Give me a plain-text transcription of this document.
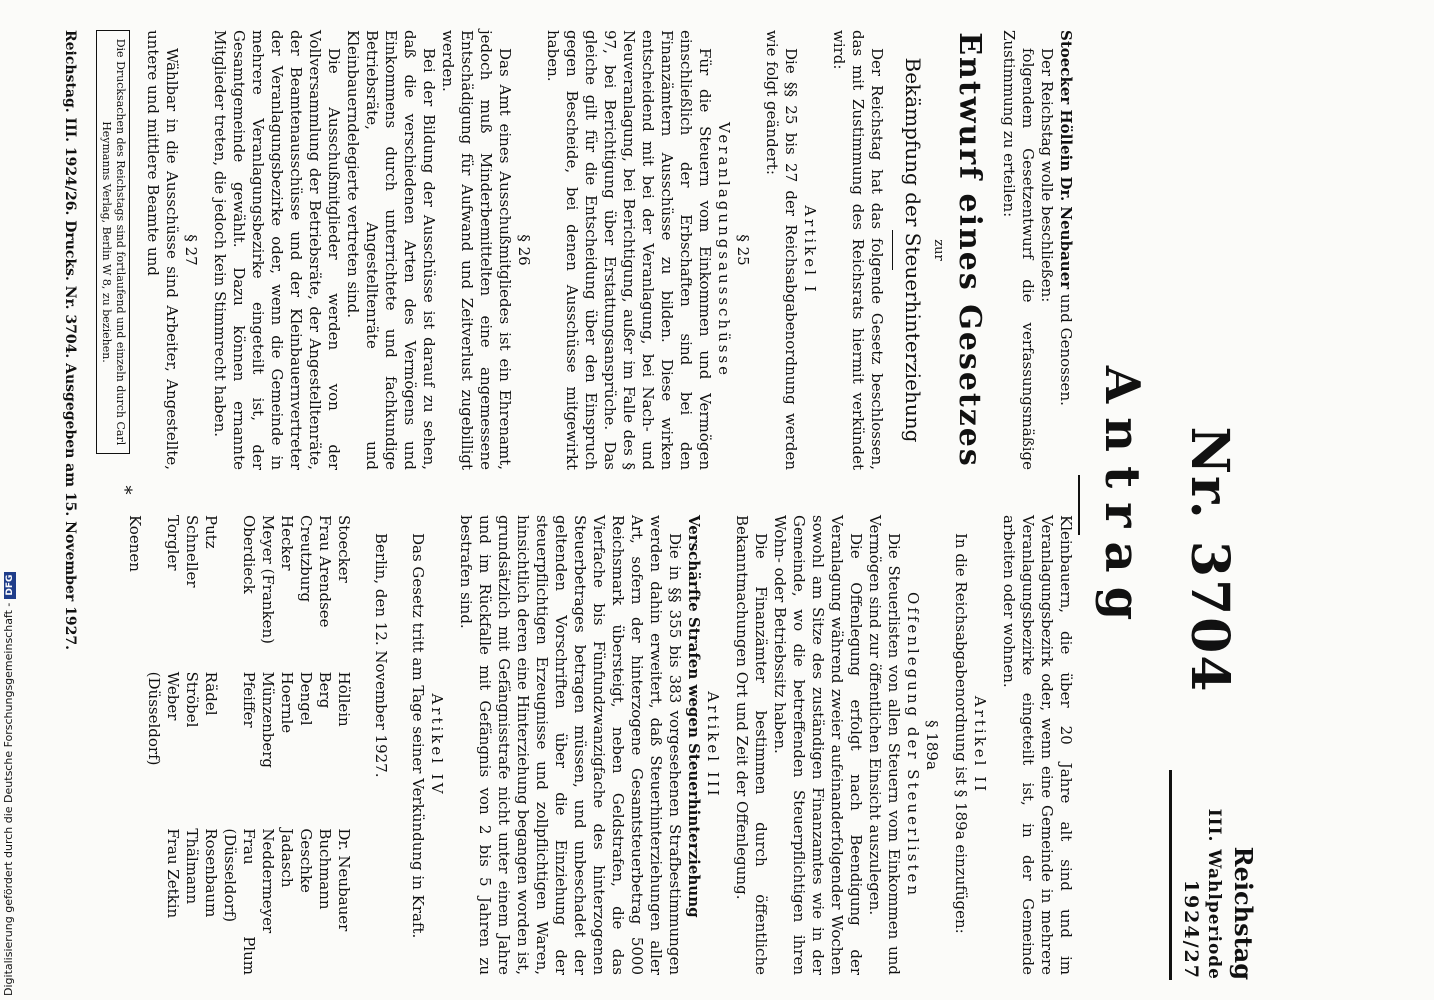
Nr. 3704
Reichstag
III. Wahlperiode
1924/27
Antrag

Stoecker Höllein Dr. Neubauer und Genossen.

Der Reichstag wolle beschließen:

folgendem Gesetzentwurf die verfassungsmäßige Zustimmung zu erteilen:

Entwurf eines Gesetzes
zur
Bekämpfung der Steuerhinterziehung

Der Reichstag hat das folgende Gesetz beschlossen, das mit Zustimmung des Reichsrats hiermit verkündet wird:

Artikel I

Die §§ 25 bis 27 der Reichsabgabenordnung werden wie folgt geändert:

§ 25

Veranlagungsausschüsse

Für die Steuern vom Einkommen und Vermögen einschließlich der Erbschaften sind bei den Finanzämtern Ausschüsse zu bilden. Diese wirken entscheidend mit bei der Veranlagung, bei Nach- und Neuveranlagung, bei Berichtigung, außer im Falle des § 97, bei Berichtigung über Erstattungsansprüche. Das gleiche gilt für die Entscheidung über den Einspruch gegen Bescheide, bei denen Ausschüsse mitgewirkt haben.

§ 26

Das Amt eines Ausschußmitgliedes ist ein Ehrenamt, jedoch muß Minderbemittelten eine angemessene Entschädigung für Aufwand und Zeitverlust zugebilligt werden.

Bei der Bildung der Ausschüsse ist darauf zu sehen, daß die verschiedenen Arten des Vermögens und Einkommens durch unterrichtete und fachkundige Betriebsräte, Angestelltenräte und Kleinbauerndelegierte vertreten sind.

Die Ausschußmitglieder werden von der Vollversammlung der Betriebsräte, der Angestelltenräte, der Beamtenausschüsse und der Kleinbauernvertreter der Veranlagungsbezirke oder, wenn die Gemeinde in mehrere Veranlagungsbezirke eingeteilt ist, der Gesamtgemeinde gewählt. Dazu können ernannte Mitglieder treten, die jedoch kein Stimmrecht haben.

§ 27

Wählbar in die Ausschüsse sind Arbeiter, Angestellte, untere und mittlere Beamte und

Kleinbauern, die über 20 Jahre alt sind und im Veranlagungsbezirk oder, wenn eine Gemeinde in mehrere Veranlagungsbezirke eingeteilt ist, in der Gemeinde arbeiten oder wohnen.

Artikel II

In die Reichsabgabenordnung ist § 189a einzufügen:

§ 189a

Offenlegung der Steuerlisten

Die Steuerlisten von allen Steuern vom Einkommen und Vermögen sind zur öffentlichen Einsicht auszulegen.

Die Offenlegung erfolgt nach Beendigung der Veranlagung während zweier aufeinanderfolgender Wochen sowohl am Sitze des zuständigen Finanzamtes wie in der Gemeinde, wo die betreffenden Steuerpflichtigen ihren Wohn- oder Betriebssitz haben.

Die Finanzämter bestimmen durch öffentliche Bekanntmachungen Ort und Zeit der Offenlegung.

Artikel III

Verschärfte Strafen wegen Steuerhinterziehung

Die in §§ 355 bis 383 vorgesehenen Strafbestimmungen werden dahin erweitert, daß Steuerhinterziehungen aller Art, sofern der hinterzogene Gesamtsteuerbetrag 5000 Reichsmark übersteigt, neben Geldstrafen, die das Vierfache bis Fünfundzwanzigfache des hinterzogenen Steuerbetrages betragen müssen, und unbeschadet der geltenden Vorschriften über die Einziehung der steuerpflichtigen Erzeugnisse und zollpflichtigen Waren, hinsichtlich deren eine Hinterziehung begangen worden ist, grundsätzlich mit Gefängnisstrafe nicht unter einem Jahre und im Rückfalle mit Gefängnis von 2 bis 5 Jahren zu bestrafen sind.

Artikel IV

Das Gesetz tritt am Tage seiner Verkündung in Kraft.

Berlin, den 12. November 1927.

Stoecker
Höllein
Dr. Neubauer
Frau Arendsee
Berg
Buchmann
Creutzburg
Dengel
Geschke
Hecker
Hoernle
Jadasch
Meyer (Franken)
Münzenberg
Neddermeyer
Oberdieck
Pfeiffer
Frau Plum (Düsseldorf)
Putz
Rädel
Rosenbaum
Schneller
Ströbel
Thälmann
Torgler
Weber (Düsseldorf)
Frau Zetkin
Koenen
*
Die Drucksachen des Reichstags sind fortlaufend und einzeln durch Carl Heymanns Verlag, Berlin W 8, zu beziehen.
Reichstag. III. 1924/26. Drucks. Nr. 3704. Ausgegeben am 15. November 1927.
Digitalisierung gefördert durch die Deutsche Forschungsgemeinschaft -DFG
